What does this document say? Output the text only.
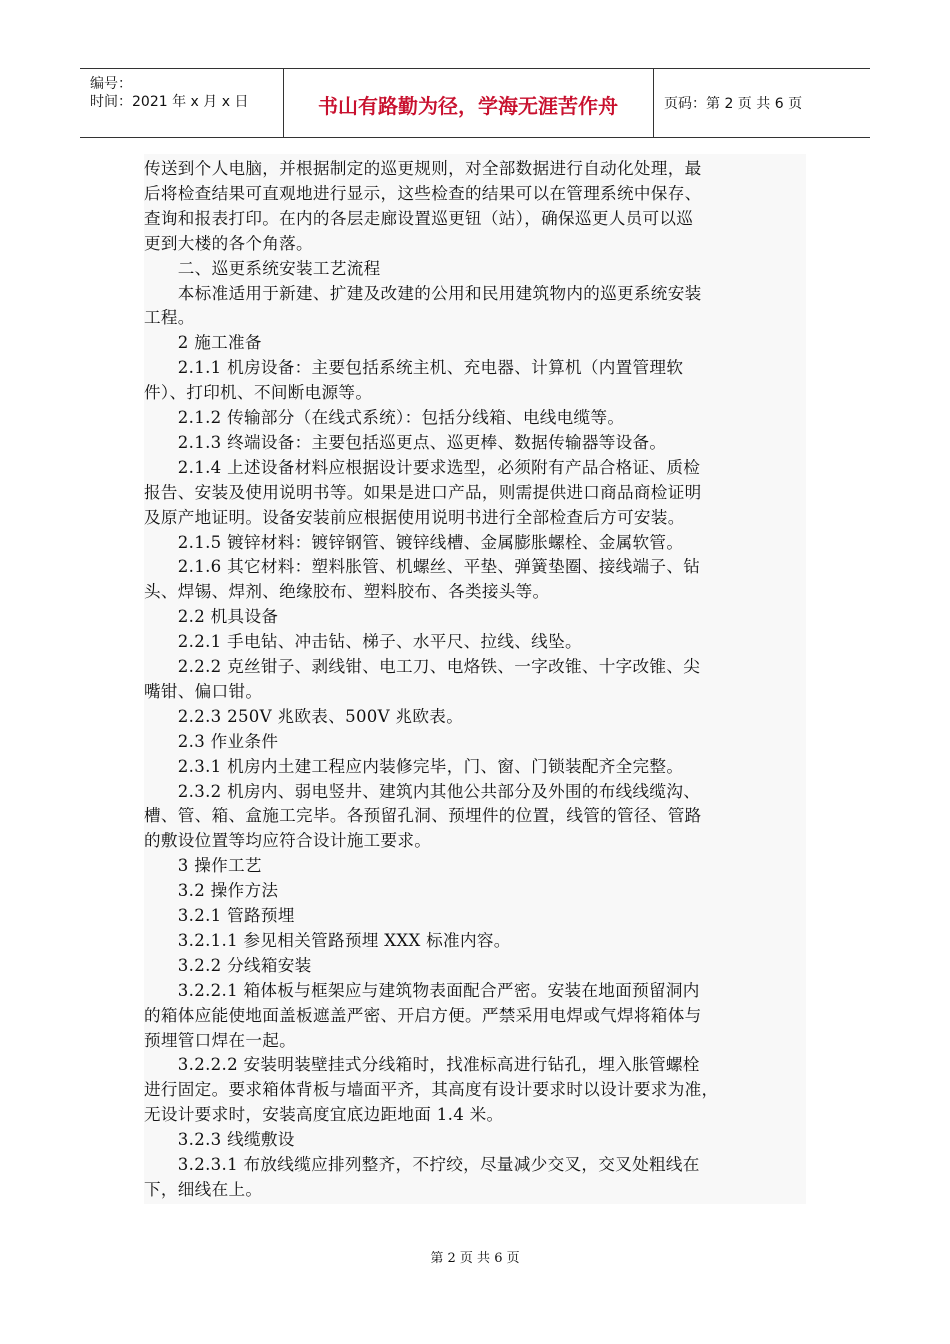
编号：
时间：2021 年 x 月 x 日	书山有路勤为径，学海无涯苦作舟	页码：第 2 页 共 6 页
传送到个人电脑，并根据制定的巡更规则，对全部数据进行自动化处理，最
后将检查结果可直观地进行显示，这些检查的结果可以在管理系统中保存、
查询和报表打印。在内的各层走廊设置巡更钮（站），确保巡更人员可以巡
更到大楼的各个角落。
　　二、巡更系统安装工艺流程
　　本标准适用于新建、扩建及改建的公用和民用建筑物内的巡更系统安装
工程。
　　2 施工准备
　　2.1.1 机房设备：主要包括系统主机、充电器、计算机（内置管理软
件）、打印机、不间断电源等。
　　2.1.2 传输部分（在线式系统）：包括分线箱、电线电缆等。
　　2.1.3 终端设备：主要包括巡更点、巡更棒、数据传输器等设备。
　　2.1.4 上述设备材料应根据设计要求选型，必须附有产品合格证、质检
报告、安装及使用说明书等。如果是进口产品，则需提供进口商品商检证明
及原产地证明。设备安装前应根据使用说明书进行全部检查后方可安装。
　　2.1.5 镀锌材料：镀锌钢管、镀锌线槽、金属膨胀螺栓、金属软管。
　　2.1.6 其它材料：塑料胀管、机螺丝、平垫、弹簧垫圈、接线端子、钻
头、焊锡、焊剂、绝缘胶布、塑料胶布、各类接头等。
　　2.2 机具设备
　　2.2.1 手电钻、冲击钻、梯子、水平尺、拉线、线坠。
　　2.2.2 克丝钳子、剥线钳、电工刀、电烙铁、一字改锥、十字改锥、尖
嘴钳、偏口钳。
　　2.2.3 250V 兆欧表、500V 兆欧表。
　　2.3 作业条件
　　2.3.1 机房内土建工程应内装修完毕，门、窗、门锁装配齐全完整。
　　2.3.2 机房内、弱电竖井、建筑内其他公共部分及外围的布线线缆沟、
槽、管、箱、盒施工完毕。各预留孔洞、预埋件的位置，线管的管径、管路
的敷设位置等均应符合设计施工要求。
　　3 操作工艺
　　3.2 操作方法
　　3.2.1 管路预埋
　　3.2.1.1 参见相关管路预埋 XXX 标准内容。
　　3.2.2 分线箱安装
　　3.2.2.1 箱体板与框架应与建筑物表面配合严密。安装在地面预留洞内
的箱体应能使地面盖板遮盖严密、开启方便。严禁采用电焊或气焊将箱体与
预埋管口焊在一起。
　　3.2.2.2 安装明装壁挂式分线箱时，找准标高进行钻孔，埋入胀管螺栓
进行固定。要求箱体背板与墙面平齐，其高度有设计要求时以设计要求为准，
无设计要求时，安装高度宜底边距地面 1.4 米。
　　3.2.3 线缆敷设
　　3.2.3.1 布放线缆应排列整齐，不拧绞，尽量减少交叉，交叉处粗线在
下，细线在上。
第 2 页 共 6 页
